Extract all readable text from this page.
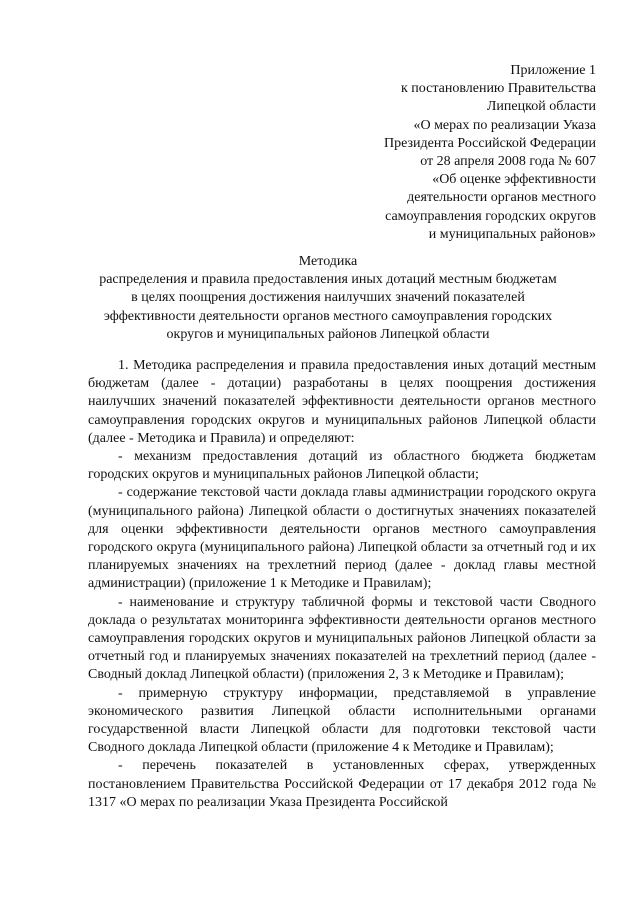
Приложение 1
к постановлению Правительства
Липецкой области
«О мерах по реализации Указа
Президента Российской Федерации
от 28 апреля 2008 года № 607
«Об оценке эффективности
деятельности органов местного
самоуправления городских округов
и муниципальных районов»
Методика
распределения и правила предоставления иных дотаций местным бюджетам
в целях поощрения достижения наилучших значений показателей
эффективности деятельности органов местного самоуправления городских
округов и муниципальных районов Липецкой области

1. Методика распределения и правила предоставления иных дотаций местным бюджетам (далее - дотации) разработаны в целях поощрения достижения наилучших значений показателей эффективности деятельности органов местного самоуправления городских округов и муниципальных районов Липецкой области (далее - Методика и Правила) и определяют:

- механизм предоставления дотаций из областного бюджета бюджетам городских округов и муниципальных районов Липецкой области;

- содержание текстовой части доклада главы администрации городского округа (муниципального района) Липецкой области о достигнутых значениях показателей для оценки эффективности деятельности органов местного самоуправления городского округа (муниципального района) Липецкой области за отчетный год и их планируемых значениях на трехлетний период (далее - доклад главы местной администрации) (приложение 1 к Методике и Правилам);

- наименование и структуру табличной формы и текстовой части Сводного доклада о результатах мониторинга эффективности деятельности органов местного самоуправления городских округов и муниципальных районов Липецкой области за отчетный год и планируемых значениях показателей на трехлетний период (далее - Сводный доклад Липецкой области) (приложения 2, 3 к Методике и Правилам);

- примерную структуру информации, представляемой в управление экономического развития Липецкой области исполнительными органами государственной власти Липецкой области для подготовки текстовой части Сводного доклада Липецкой области (приложение 4 к Методике и Правилам);

- перечень показателей в установленных сферах, утвержденных постановлением Правительства Российской Федерации от 17 декабря 2012 года № 1317 «О мерах по реализации Указа Президента Российской
